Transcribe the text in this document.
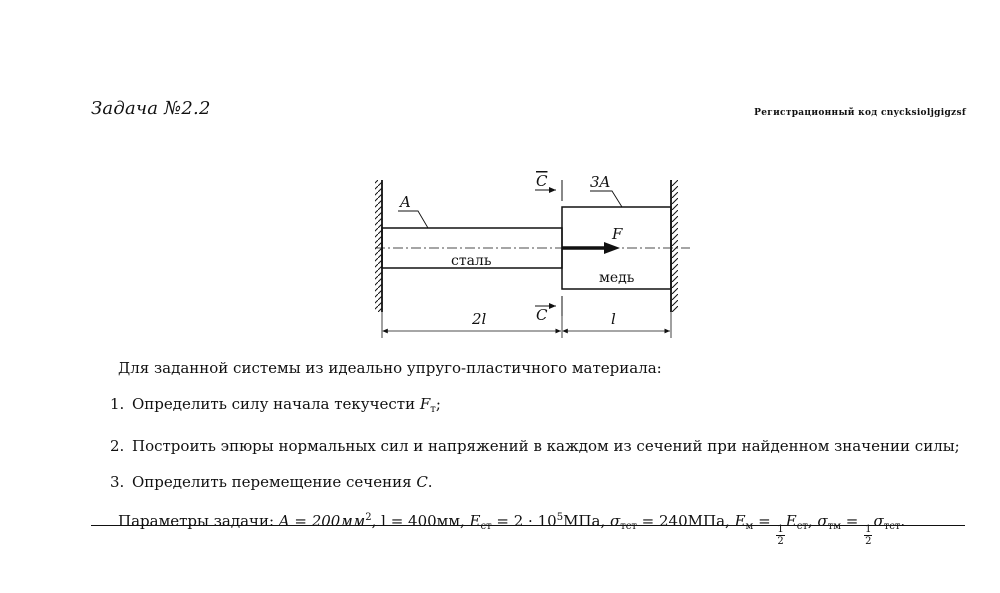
Задача №2.2	Регистрационный код cnycksioljgigzsf
A
3A
C
C
F
сталь
медь
2l	l

Для заданной системы из идеально упруго-пластичного материала:

1. Определить силу начала текучести $F_т$;

2. Построить эпюры нормальных сил и напряжений в каждом из сечений при найденном значении силы;

3. Определить перемещение сечения C.

Параметры задачи: $A = 200мм^2$, l = 400мм, $E_{ст} = 2 \cdot 10^5МПа$, $\sigma_{тст} = 240МПа$, $E_м$ =
$\frac{1}{2}$
$E_{ст}$, $\sigma_{тм}$ =
$\frac{1}{2}$
$\sigma_{тст}$.
